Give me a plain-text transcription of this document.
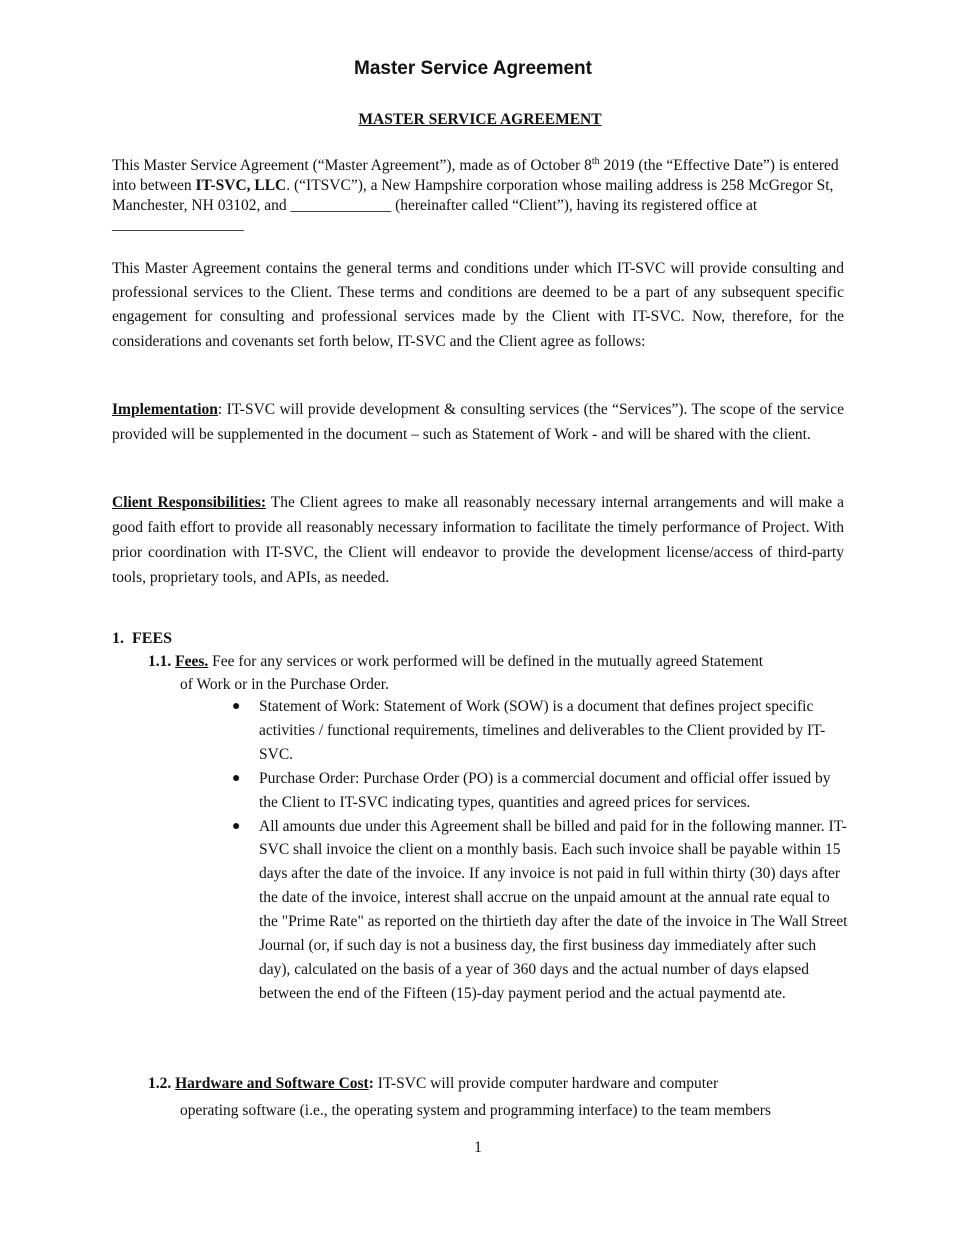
Master Service Agreement
MASTER SERVICE AGREEMENT
This Master Service Agreement (“Master Agreement”), made as of October 8th 2019 (the “Effective Date”) is entered into between IT-SVC, LLC. (“ITSVC”), a New Hampshire corporation whose mailing address is 258 McGregor St, Manchester, NH 03102, and _____________ (hereinafter called “Client”), having its registered office at _________________
This Master Agreement contains the general terms and conditions under which IT-SVC will provide consulting and professional services to the Client. These terms and conditions are deemed to be a part of any subsequent specific engagement for consulting and professional services made by the Client with IT-SVC. Now, therefore, for the considerations and covenants set forth below, IT-SVC and the Client agree as follows:
Implementation: IT-SVC will provide development & consulting services (the “Services”). The scope of the service provided will be supplemented in the document – such as Statement of Work - and will be shared with the client.
Client Responsibilities: The Client agrees to make all reasonably necessary internal arrangements and will make a good faith effort to provide all reasonably necessary information to facilitate the timely performance of Project. With prior coordination with IT-SVC, the Client will endeavor to provide the development license/access of third-party tools, proprietary tools, and APIs, as needed.
1. FEES
1.1. Fees. Fee for any services or work performed will be defined in the mutually agreed Statement
of Work or in the Purchase Order.
● Statement of Work: Statement of Work (SOW) is a document that defines project specific activities / functional requirements, timelines and deliverables to the Client provided by IT-SVC.
● Purchase Order: Purchase Order (PO) is a commercial document and official offer issued by the Client to IT-SVC indicating types, quantities and agreed prices for services.
● All amounts due under this Agreement shall be billed and paid for in the following manner. IT-SVC shall invoice the client on a monthly basis. Each such invoice shall be payable within 15 days after the date of the invoice. If any invoice is not paid in full within thirty (30) days after the date of the invoice, interest shall accrue on the unpaid amount at the annual rate equal to the "Prime Rate" as reported on the thirtieth day after the date of the invoice in The Wall Street Journal (or, if such day is not a business day, the first business day immediately after such day), calculated on the basis of a year of 360 days and the actual number of days elapsed between the end of the Fifteen (15)-day payment period and the actual paymentd ate.
1.2. Hardware and Software Cost: IT-SVC will provide computer hardware and computer
operating software (i.e., the operating system and programming interface) to the team members
1
